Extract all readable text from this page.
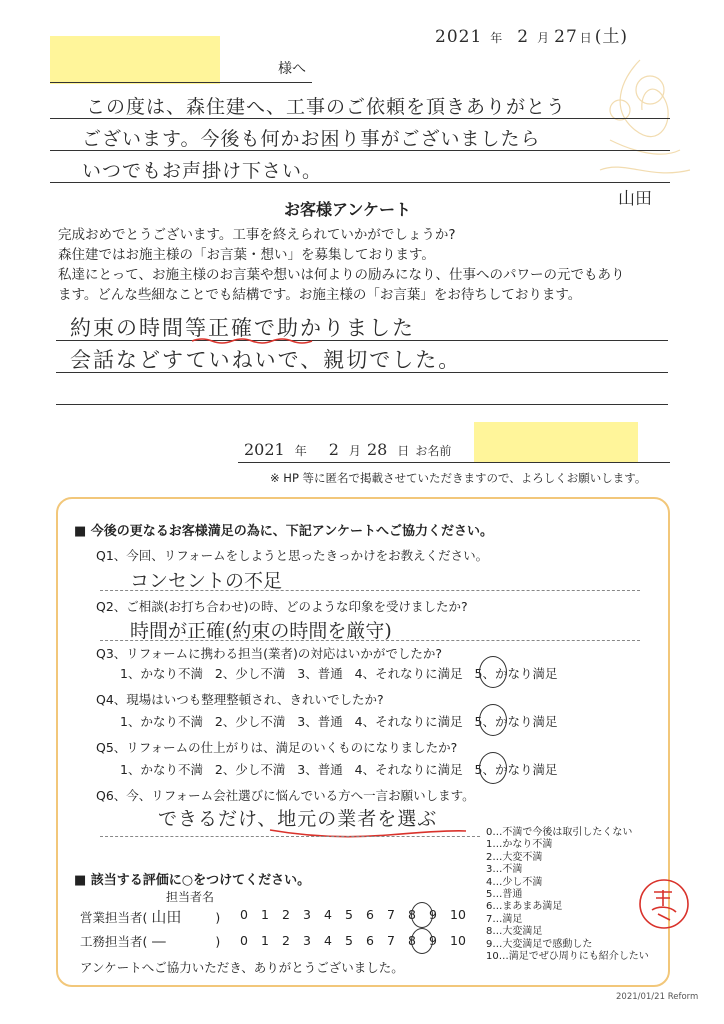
2021 年 2 月 27 日 (土)
様へ
この度は、森住建へ、工事のご依頼を頂きありがとう
ございます。今後も何かお困り事がございましたら
いつでもお声掛け下さい。
山田
お客様アンケート
完成おめでとうございます。工事を終えられていかがでしょうか?
森住建ではお施主様の「お言葉・想い」を募集しております。
私達にとって、お施主様のお言葉や想いは何よりの励みになり、仕事へのパワーの元でもあり
ます。どんな些細なことでも結構です。お施主様の「お言葉」をお待ちしております。
約束の時間等正確で助かりました
会話などすていねいで、親切でした。
2021 年 2 月 28 日 お名前
※ HP 等に匿名で掲載させていただきますので、よろしくお願いします。
■ 今後の更なるお客様満足の為に、下記アンケートへご協力ください。
Q1、今回、リフォームをしようと思ったきっかけをお教えください。
コンセントの不足
Q2、ご相談(お打ち合わせ)の時、どのような印象を受けましたか?
時間が正確(約束の時間を厳守)
Q3、リフォームに携わる担当(業者)の対応はいかがでしたか?
1、かなり不満 2、少し不満 3、普通 4、それなりに満足 5、かなり満足
Q4、現場はいつも整理整頓され、きれいでしたか?
1、かなり不満 2、少し不満 3、普通 4、それなりに満足 5、かなり満足
Q5、リフォームの仕上がりは、満足のいくものになりましたか?
1、かなり不満 2、少し不満 3、普通 4、それなりに満足 5、かなり満足
Q6、今、リフォーム会社選びに悩んでいる方へ一言お願いします。
できるだけ、地元の業者を選ぶ
0…不満で今後は取引したくない
1…かなり不満
2…大変不満
3…不満
4…少し不満
5…普通
6…まあまあ満足
7…満足
8…大変満足
9…大変満足で感動した
10…満足でぜひ周りにも紹介したい
■ 該当する評価に○をつけてください。
担当者名
営業担当者( 山田	)	0 1 2 3 4 5 6 7 8 9 10
工務担当者( —	)	0 1 2 3 4 5 6 7 8 9 10
アンケートへご協力いただき、ありがとうございました。
2021/01/21 Reform
